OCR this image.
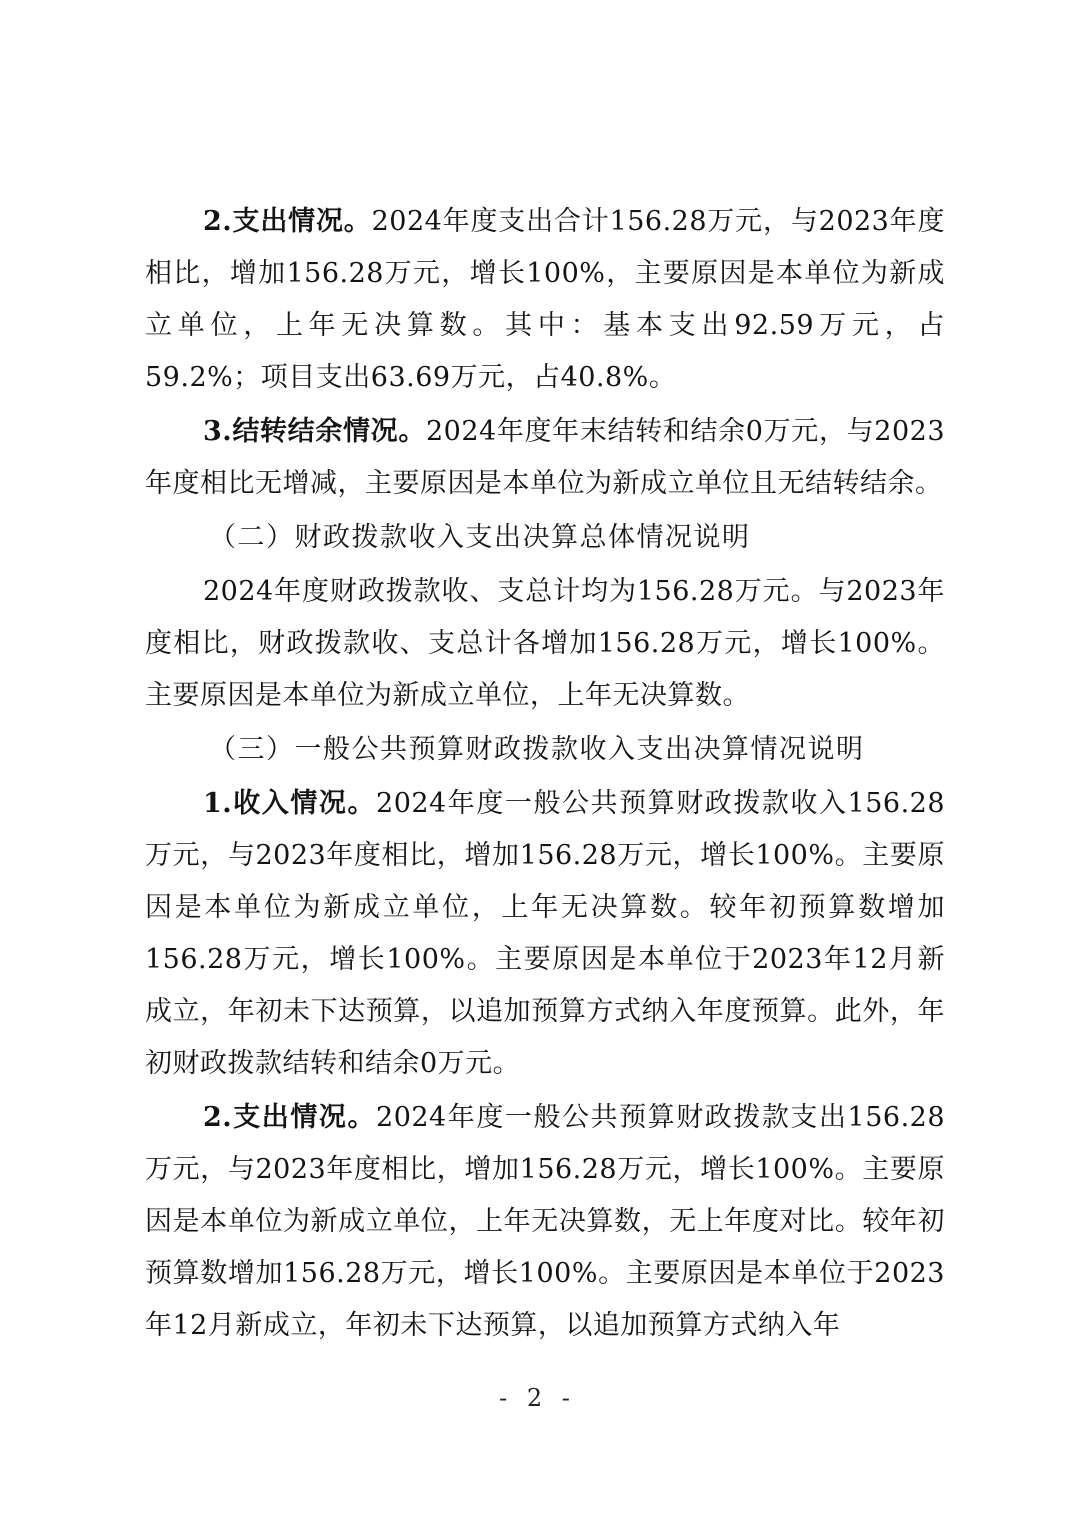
2.支出情况。2024年度支出合计156.28万元，与2023年度相比，增加156.28万元，增长100%，主要原因是本单位为新成立单位，上年无决算数。其中：基本支出92.59万元，占59.2%；项目支出63.69万元，占40.8%。

3.结转结余情况。2024年度年末结转和结余0万元，与2023年度相比无增减，主要原因是本单位为新成立单位且无结转结余。

（二）财政拨款收入支出决算总体情况说明

2024年度财政拨款收、支总计均为156.28万元。与2023年度相比，财政拨款收、支总计各增加156.28万元，增长100%。主要原因是本单位为新成立单位，上年无决算数。

（三）一般公共预算财政拨款收入支出决算情况说明

1.收入情况。2024年度一般公共预算财政拨款收入156.28万元，与2023年度相比，增加156.28万元，增长100%。主要原因是本单位为新成立单位，上年无决算数。较年初预算数增加156.28万元，增长100%。主要原因是本单位于2023年12月新成立，年初未下达预算，以追加预算方式纳入年度预算。此外，年初财政拨款结转和结余0万元。

2.支出情况。2024年度一般公共预算财政拨款支出156.28万元，与2023年度相比，增加156.28万元，增长100%。主要原因是本单位为新成立单位，上年无决算数，无上年度对比。较年初预算数增加156.28万元，增长100%。主要原因是本单位于2023年12月新成立，年初未下达预算，以追加预算方式纳入年

- 2 -
